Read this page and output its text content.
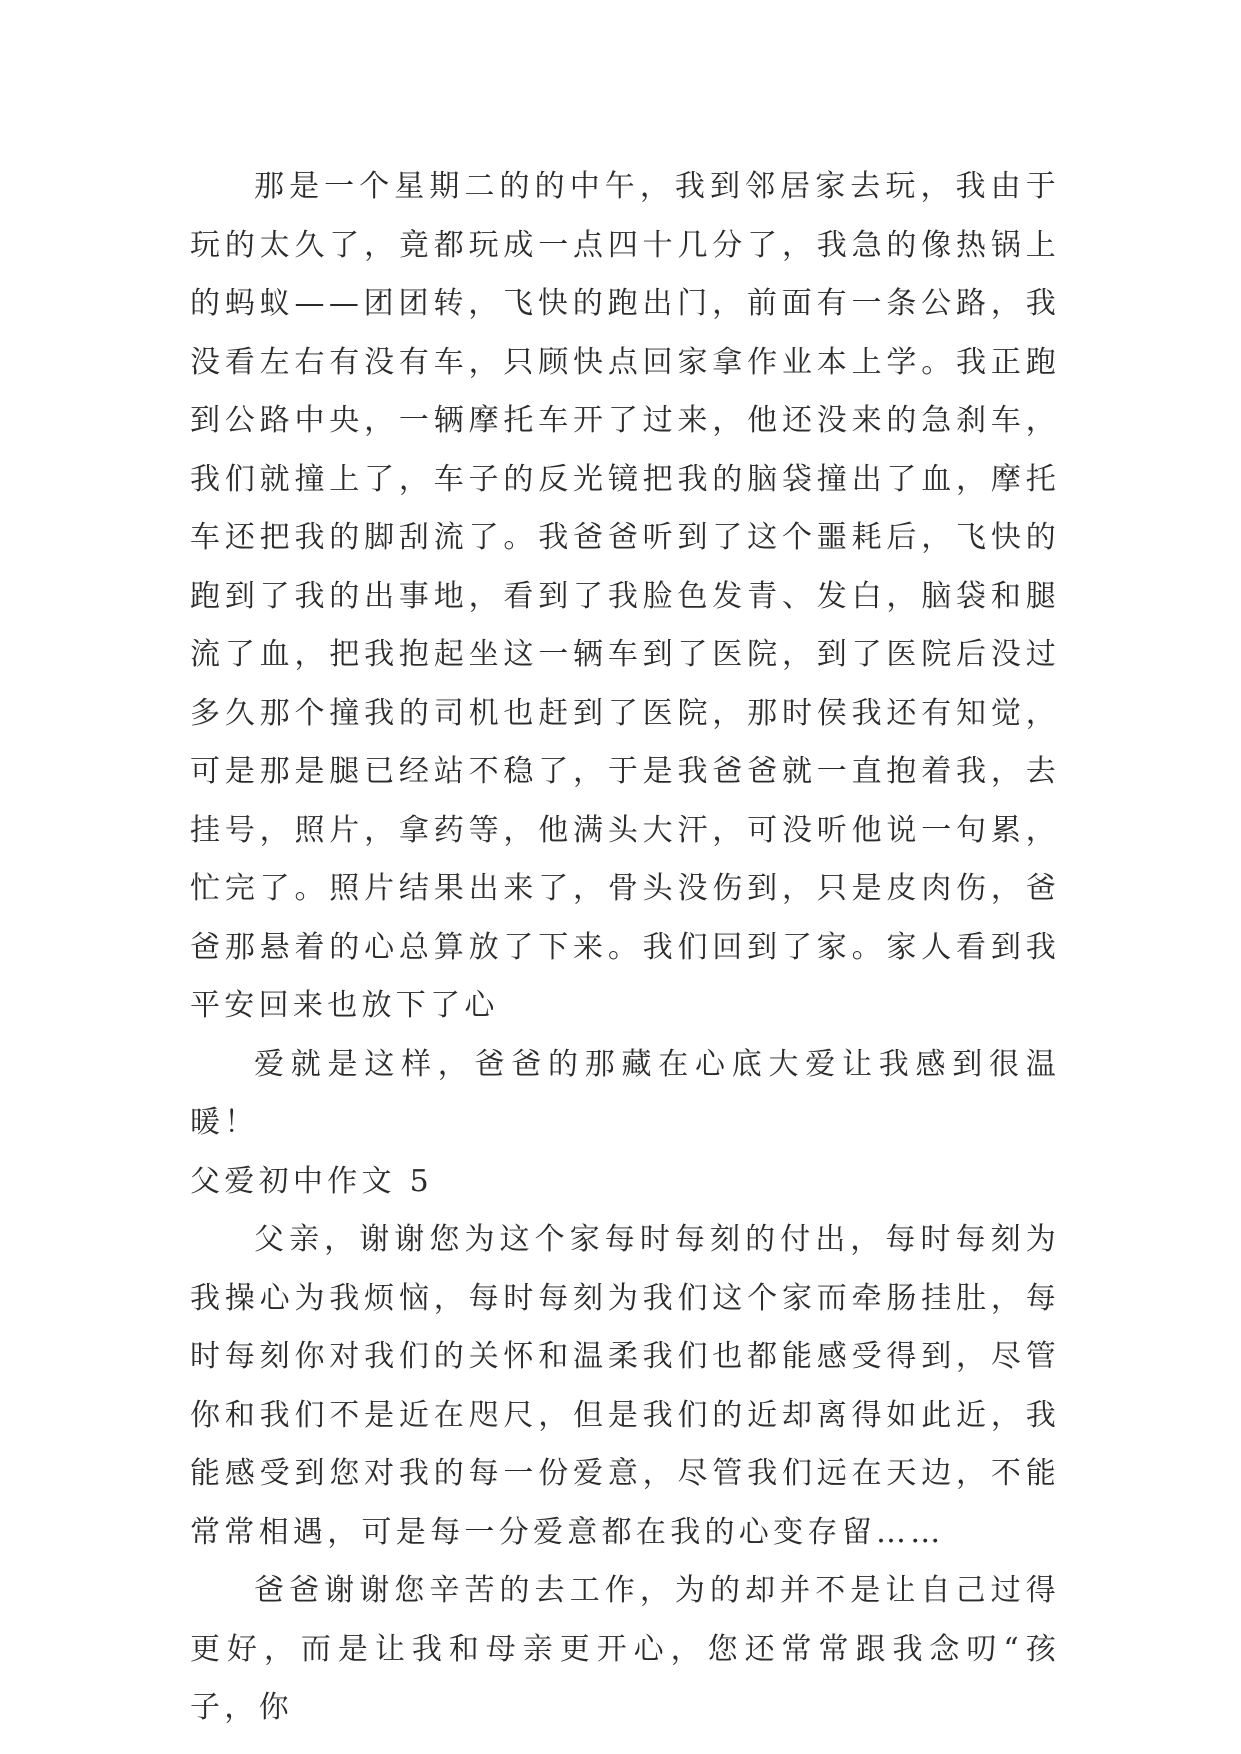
那是一个星期二的的中午，我到邻居家去玩，我由于玩的太久了，竟都玩成一点四十几分了，我急的像热锅上的蚂蚁——团团转，飞快的跑出门，前面有一条公路，我没看左右有没有车，只顾快点回家拿作业本上学。我正跑到公路中央，一辆摩托车开了过来，他还没来的急刹车，我们就撞上了，车子的反光镜把我的脑袋撞出了血，摩托车还把我的脚刮流了。我爸爸听到了这个噩耗后，飞快的跑到了我的出事地，看到了我脸色发青、发白，脑袋和腿流了血，把我抱起坐这一辆车到了医院，到了医院后没过多久那个撞我的司机也赶到了医院，那时侯我还有知觉，可是那是腿已经站不稳了，于是我爸爸就一直抱着我，去挂号，照片，拿药等，他满头大汗，可没听他说一句累，忙完了。照片结果出来了，骨头没伤到，只是皮肉伤，爸爸那悬着的心总算放了下来。我们回到了家。家人看到我平安回来也放下了心

爱就是这样，爸爸的那藏在心底大爱让我感到很温暖！

父爱初中作文 5

父亲，谢谢您为这个家每时每刻的付出，每时每刻为我操心为我烦恼，每时每刻为我们这个家而牵肠挂肚，每时每刻你对我们的关怀和温柔我们也都能感受得到，尽管你和我们不是近在咫尺，但是我们的近却离得如此近，我能感受到您对我的每一份爱意，尽管我们远在天边，不能常常相遇，可是每一分爱意都在我的心变存留……

爸爸谢谢您辛苦的去工作，为的却并不是让自己过得更好，而是让我和母亲更开心，您还常常跟我念叨“孩子，你
